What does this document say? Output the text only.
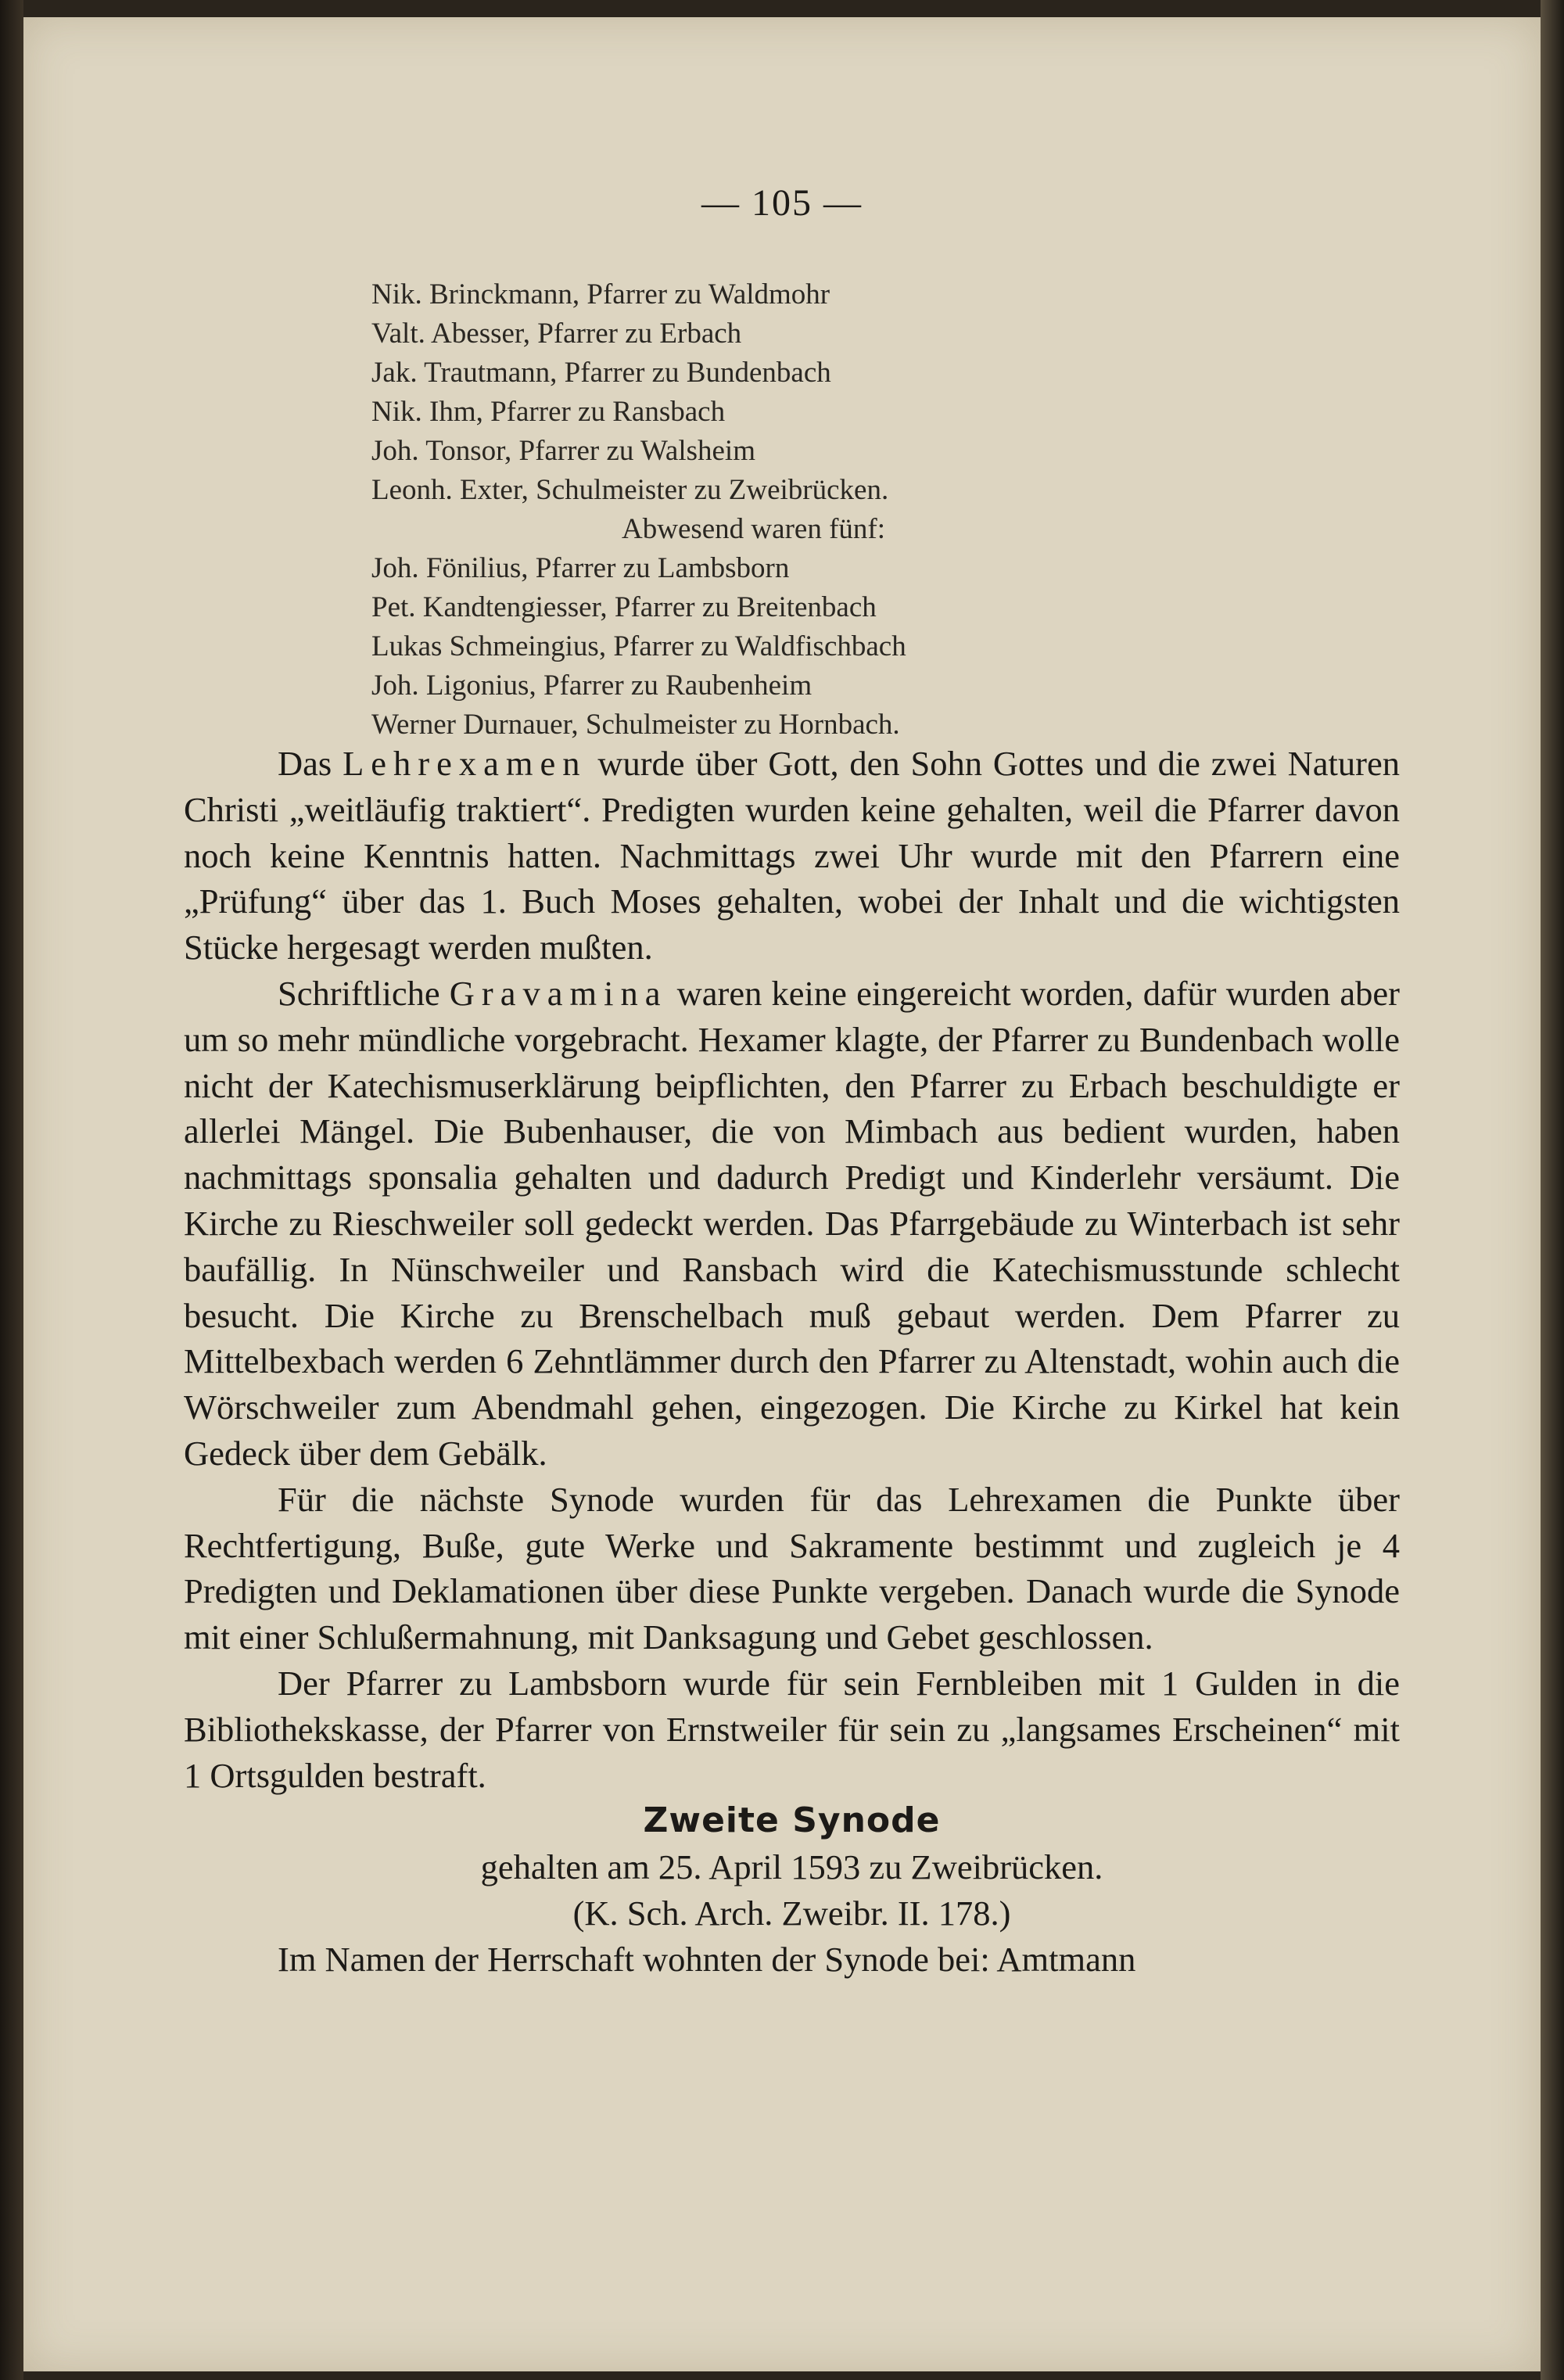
— 105 —
Nik. Brinckmann, Pfarrer zu Waldmohr
Valt. Abesser, Pfarrer zu Erbach
Jak. Trautmann, Pfarrer zu Bundenbach
Nik. Ihm, Pfarrer zu Ransbach
Joh. Tonsor, Pfarrer zu Walsheim
Leonh. Exter, Schulmeister zu Zweibrücken.
Abwesend waren fünf:
Joh. Fönilius, Pfarrer zu Lambsborn
Pet. Kandtengiesser, Pfarrer zu Breitenbach
Lukas Schmeingius, Pfarrer zu Waldfischbach
Joh. Ligonius, Pfarrer zu Raubenheim
Werner Durnauer, Schulmeister zu Hornbach.

Das Lehrexamen wurde über Gott, den Sohn Gottes und die zwei Naturen Christi „weitläufig traktiert“. Predigten wurden keine gehalten, weil die Pfarrer davon noch keine Kenntnis hatten. Nachmittags zwei Uhr wurde mit den Pfarrern eine „Prüfung“ über das 1. Buch Moses gehalten, wobei der Inhalt und die wichtigsten Stücke hergesagt werden mußten.

Schriftliche Gravamina waren keine eingereicht worden, dafür wurden aber um so mehr mündliche vorgebracht. Hexamer klagte, der Pfarrer zu Bundenbach wolle nicht der Katechismuserklärung beipflichten, den Pfarrer zu Erbach beschuldigte er allerlei Mängel. Die Bubenhauser, die von Mimbach aus bedient wurden, haben nachmittags sponsalia gehalten und dadurch Predigt und Kinderlehr versäumt. Die Kirche zu Rieschweiler soll gedeckt werden. Das Pfarrgebäude zu Winterbach ist sehr baufällig. In Nünschweiler und Ransbach wird die Katechismusstunde schlecht besucht. Die Kirche zu Brenschelbach muß gebaut werden. Dem Pfarrer zu Mittelbexbach werden 6 Zehntlämmer durch den Pfarrer zu Altenstadt, wohin auch die Wörschweiler zum Abendmahl gehen, eingezogen. Die Kirche zu Kirkel hat kein Gedeck über dem Gebälk.

Für die nächste Synode wurden für das Lehrexamen die Punkte über Rechtfertigung, Buße, gute Werke und Sakramente bestimmt und zugleich je 4 Predigten und Deklamationen über diese Punkte vergeben. Danach wurde die Synode mit einer Schlußermahnung, mit Danksagung und Gebet geschlossen.

Der Pfarrer zu Lambsborn wurde für sein Fernbleiben mit 1 Gulden in die Bibliothekskasse, der Pfarrer von Ernstweiler für sein zu „langsames Erscheinen“ mit 1 Ortsgulden bestraft.

Zweite Synode

gehalten am 25. April 1593 zu Zweibrücken.

(K. Sch. Arch. Zweibr. II. 178.)

Im Namen der Herrschaft wohnten der Synode bei: Amtmann
